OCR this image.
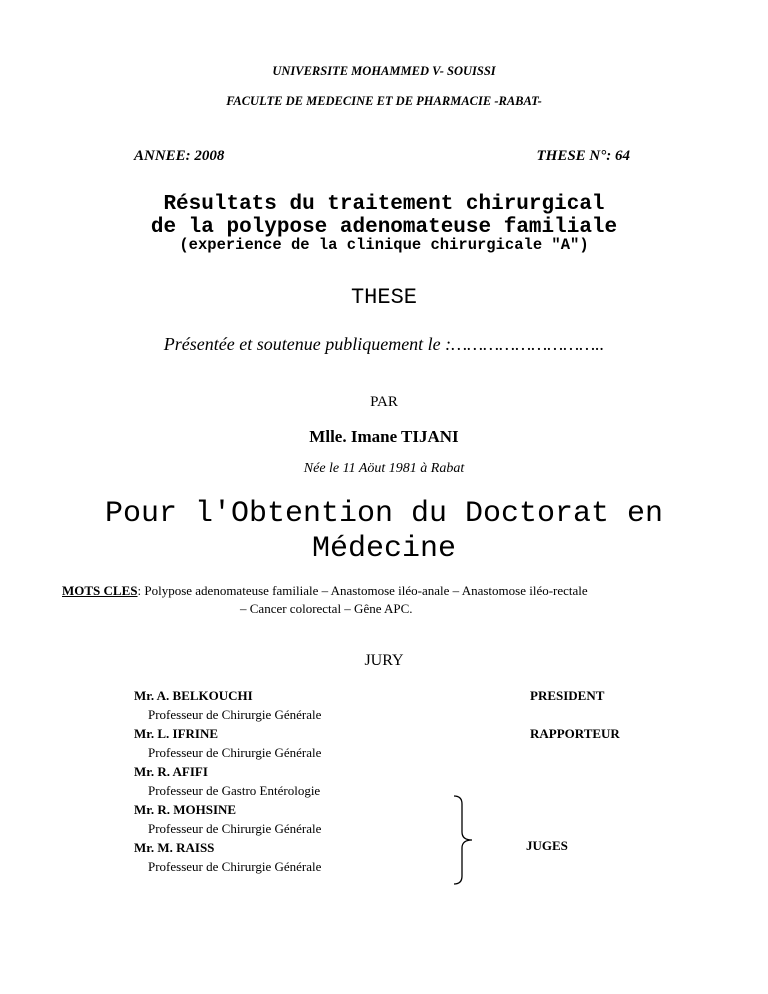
UNIVERSITE MOHAMMED V- SOUISSI
FACULTE DE MEDECINE ET DE PHARMACIE -RABAT-
ANNEE: 2008	THESE N°: 64
Résultats du traitement chirurgical
de la polypose adenomateuse familiale
(experience de la clinique chirurgicale "A")
THESE
Présentée et soutenue publiquement le :………………………..
PAR
Mlle. Imane TIJANI
Née le 11 Aöut 1981 à Rabat
Pour l'Obtention du Doctorat en
Médecine
MOTS CLES: Polypose adenomateuse familiale – Anastomose iléo-anale – Anastomose iléo-rectale
– Cancer colorectal – Gêne APC.
JURY
Mr. A. BELKOUCHI
Professeur de Chirurgie Générale
Mr. L. IFRINE
Professeur de Chirurgie Générale
Mr. R. AFIFI
Professeur de Gastro Entérologie
Mr. R. MOHSINE
Professeur de Chirurgie Générale
Mr. M. RAISS
Professeur de Chirurgie Générale
PRESIDENT
RAPPORTEUR
JUGES
